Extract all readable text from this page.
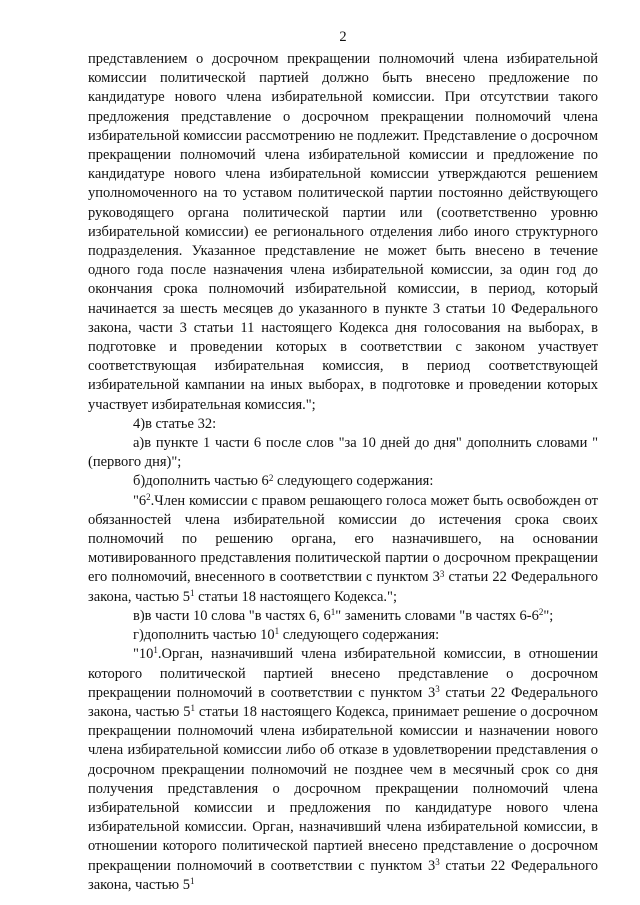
2

представлением о досрочном прекращении полномочий члена избирательной комиссии политической партией должно быть внесено предложение по кандидатуре нового члена избирательной комиссии. При отсутствии такого предложения представление о досрочном прекращении полномочий члена избирательной комиссии рассмотрению не подлежит. Представление о досрочном прекращении полномочий члена избирательной комиссии и предложение по кандидатуре нового члена избирательной комиссии утверждаются решением уполномоченного на то уставом политической партии постоянно действующего руководящего органа политической партии или (соответственно уровню избирательной комиссии) ее регионального отделения либо иного структурного подразделения. Указанное представление не может быть внесено в течение одного года после назначения члена избирательной комиссии, за один год до окончания срока полномочий избирательной комиссии, в период, который начинается за шесть месяцев до указанного в пункте 3 статьи 10 Федерального закона, части 3 статьи 11 настоящего Кодекса дня голосования на выборах, в подготовке и проведении которых в соответствии с законом участвует соответствующая избирательная комиссия, в период соответствующей избирательной кампании на иных выборах, в подготовке и проведении которых участвует избирательная комиссия.";

4)в статье 32:

а)в пункте 1 части 6 после слов "за 10 дней до дня" дополнить словами "(первого дня)";

б)дополнить частью $6^2$ следующего содержания:

"$6^2.Член$ комиссии с правом решающего голоса может быть освобожден от обязанностей члена избирательной комиссии до истечения срока своих полномочий по решению органа, его назначившего, на основании мотивированного представления политической партии о досрочном прекращении его полномочий, внесенного в соответствии с пунктом $3^3$ статьи 22 Федерального закона, частью $5^1$ статьи 18 настоящего Кодекса.";

в)в части 10 слова "в частях 6, $6^1$" заменить словами "в частях $6-6^2$";

г)дополнить частью $10^1$ следующего содержания:

"$10^1.Орган$, назначивший члена избирательной комиссии, в отношении которого политической партией внесено представление о досрочном прекращении полномочий в соответствии с пунктом $3^3$ статьи 22 Федерального закона, частью $5^1$ статьи 18 настоящего Кодекса, принимает решение о досрочном прекращении полномочий члена избирательной комиссии и назначении нового члена избирательной комиссии либо об отказе в удовлетворении представления о досрочном прекращении полномочий не позднее чем в месячный срок со дня получения представления о досрочном прекращении полномочий члена избирательной комиссии и предложения по кандидатуре нового члена избирательной комиссии. Орган, назначивший члена избирательной комиссии, в отношении которого политической партией внесено представление о досрочном прекращении полномочий в соответствии с пунктом $3^3$ статьи 22 Федерального закона, частью $5^1$
